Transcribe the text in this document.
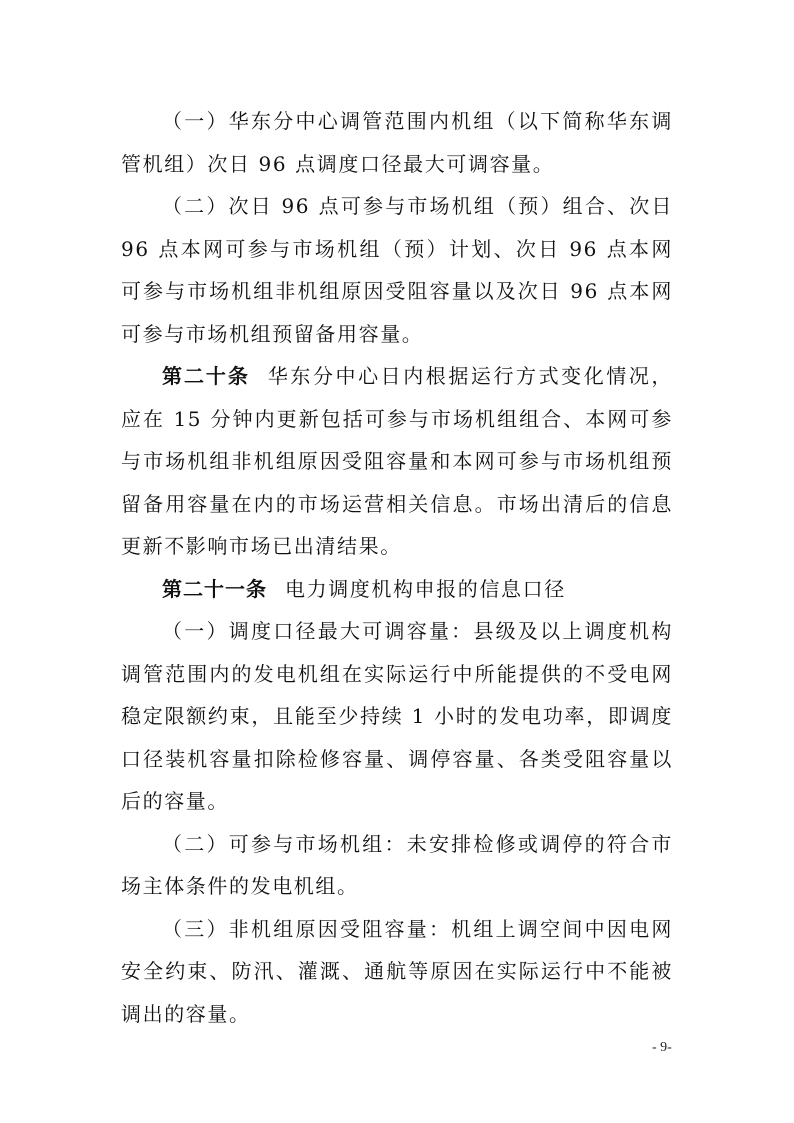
（一）华东分中心调管范围内机组（以下简称华东调管机组）次日 96 点调度口径最大可调容量。

（二）次日 96 点可参与市场机组（预）组合、次日 96 点本网可参与市场机组（预）计划、次日 96 点本网可参与市场机组非机组原因受阻容量以及次日 96 点本网可参与市场机组预留备用容量。

第二十条 华东分中心日内根据运行方式变化情况，应在 15 分钟内更新包括可参与市场机组组合、本网可参与市场机组非机组原因受阻容量和本网可参与市场机组预留备用容量在内的市场运营相关信息。市场出清后的信息更新不影响市场已出清结果。

第二十一条 电力调度机构申报的信息口径

（一）调度口径最大可调容量：县级及以上调度机构调管范围内的发电机组在实际运行中所能提供的不受电网稳定限额约束，且能至少持续 1 小时的发电功率，即调度口径装机容量扣除检修容量、调停容量、各类受阻容量以后的容量。

（二）可参与市场机组：未安排检修或调停的符合市场主体条件的发电机组。

（三）非机组原因受阻容量：机组上调空间中因电网安全约束、防汛、灌溉、通航等原因在实际运行中不能被调出的容量。

- 9-
